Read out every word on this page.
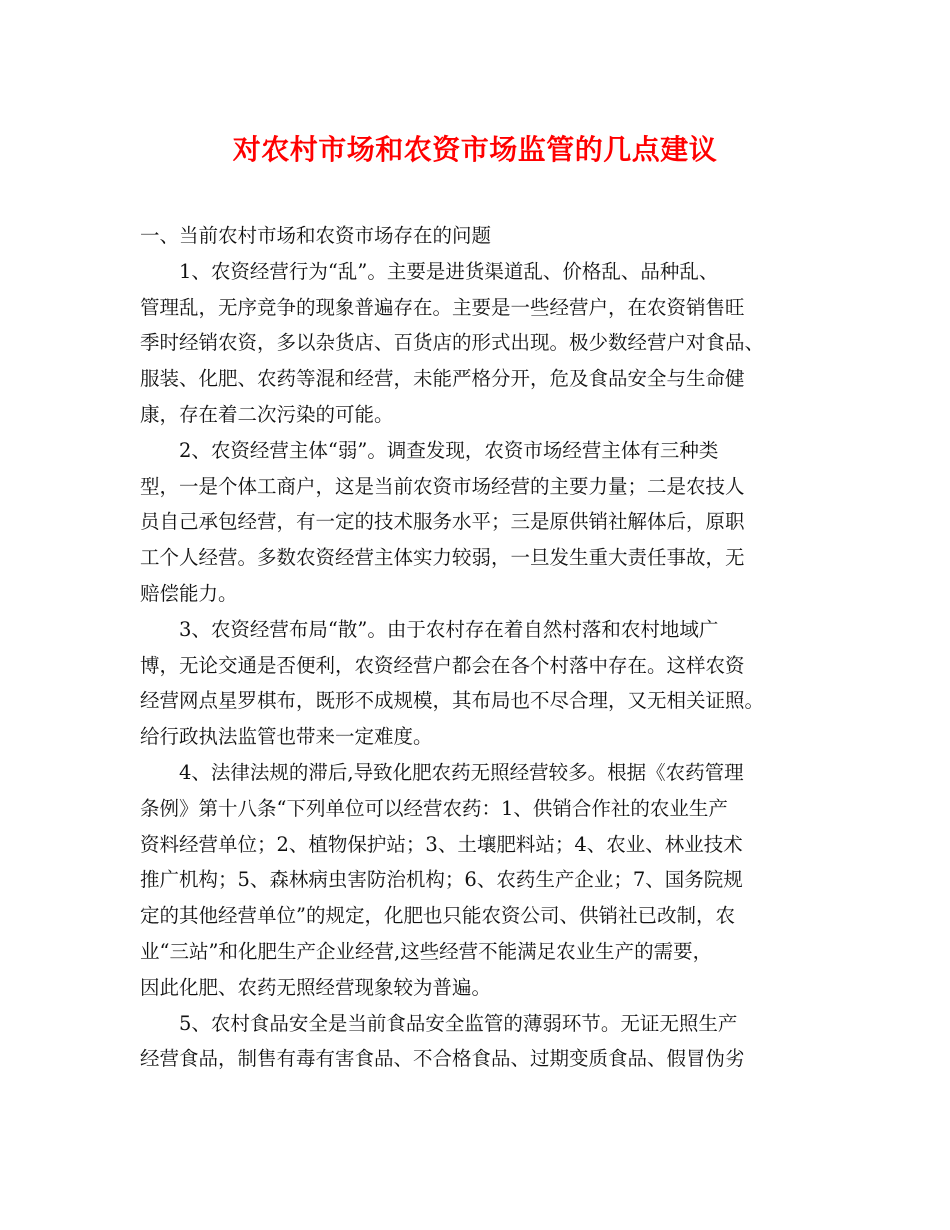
对农村市场和农资市场监管的几点建议
一、当前农村市场和农资市场存在的问题
1、农资经营行为“乱”。主要是进货渠道乱、价格乱、品种乱、
管理乱，无序竞争的现象普遍存在。主要是一些经营户，在农资销售旺
季时经销农资，多以杂货店、百货店的形式出现。极少数经营户对食品、
服装、化肥、农药等混和经营，未能严格分开，危及食品安全与生命健
康，存在着二次污染的可能。
2、农资经营主体“弱”。调查发现，农资市场经营主体有三种类
型，一是个体工商户，这是当前农资市场经营的主要力量；二是农技人
员自己承包经营，有一定的技术服务水平；三是原供销社解体后，原职
工个人经营。多数农资经营主体实力较弱，一旦发生重大责任事故，无
赔偿能力。
3、农资经营布局“散”。由于农村存在着自然村落和农村地域广
博，无论交通是否便利，农资经营户都会在各个村落中存在。这样农资
经营网点星罗棋布，既形不成规模，其布局也不尽合理，又无相关证照。
给行政执法监管也带来一定难度。
4、法律法规的滞后,导致化肥农药无照经营较多。根据《农药管理
条例》第十八条“下列单位可以经营农药：1、供销合作社的农业生产
资料经营单位；2、植物保护站；3、土壤肥料站；4、农业、林业技术
推广机构；5、森林病虫害防治机构；6、农药生产企业；7、国务院规
定的其他经营单位”的规定，化肥也只能农资公司、供销社已改制，农
业“三站”和化肥生产企业经营,这些经营不能满足农业生产的需要，
因此化肥、农药无照经营现象较为普遍。
5、农村食品安全是当前食品安全监管的薄弱环节。无证无照生产
经营食品，制售有毒有害食品、不合格食品、过期变质食品、假冒伪劣
